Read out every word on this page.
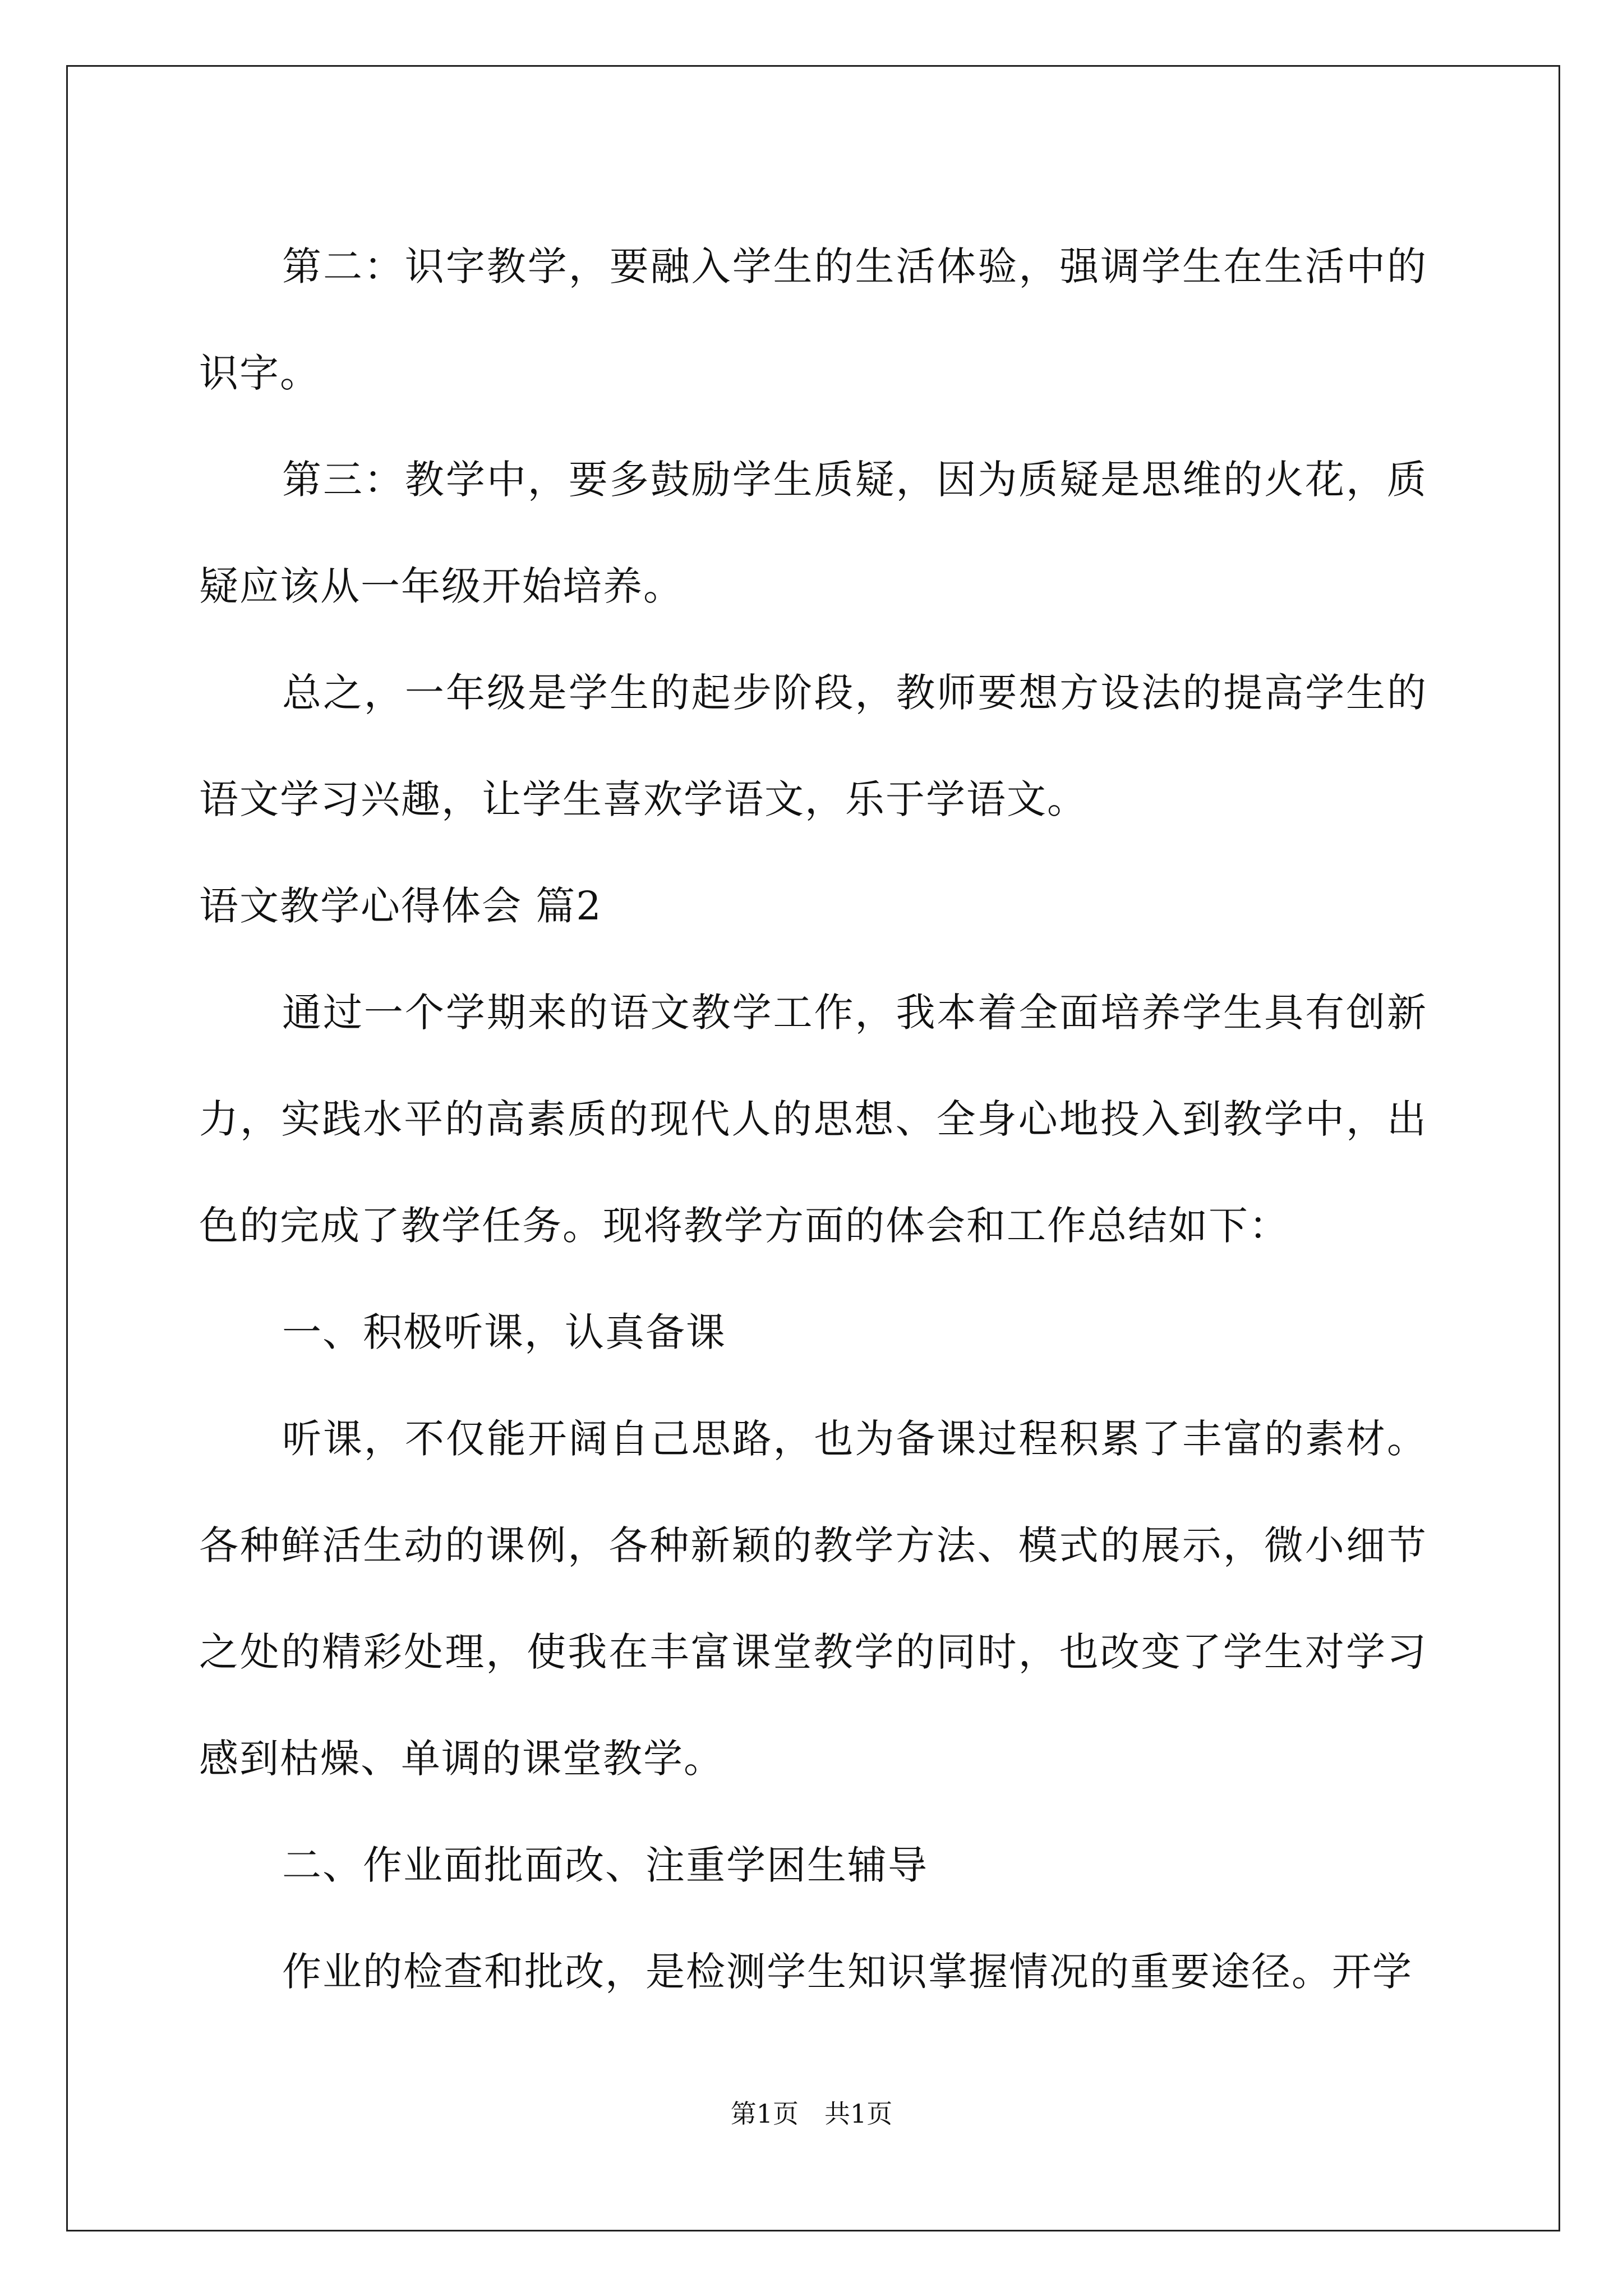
第二：识字教学，要融入学生的生活体验，强调学生在生活中的识字。

第三：教学中，要多鼓励学生质疑，因为质疑是思维的火花，质疑应该从一年级开始培养。

总之，一年级是学生的起步阶段，教师要想方设法的提高学生的语文学习兴趣，让学生喜欢学语文，乐于学语文。

语文教学心得体会 篇2

通过一个学期来的语文教学工作，我本着全面培养学生具有创新力，实践水平的高素质的现代人的思想、全身心地投入到教学中，出色的完成了教学任务。现将教学方面的体会和工作总结如下：

一、积极听课，认真备课

听课，不仅能开阔自己思路，也为备课过程积累了丰富的素材。各种鲜活生动的课例，各种新颖的教学方法、模式的展示，微小细节之处的精彩处理，使我在丰富课堂教学的同时，也改变了学生对学习感到枯燥、单调的课堂教学。

二、作业面批面改、注重学困生辅导

作业的检查和批改，是检测学生知识掌握情况的重要途径。开学

第1页　共1页
